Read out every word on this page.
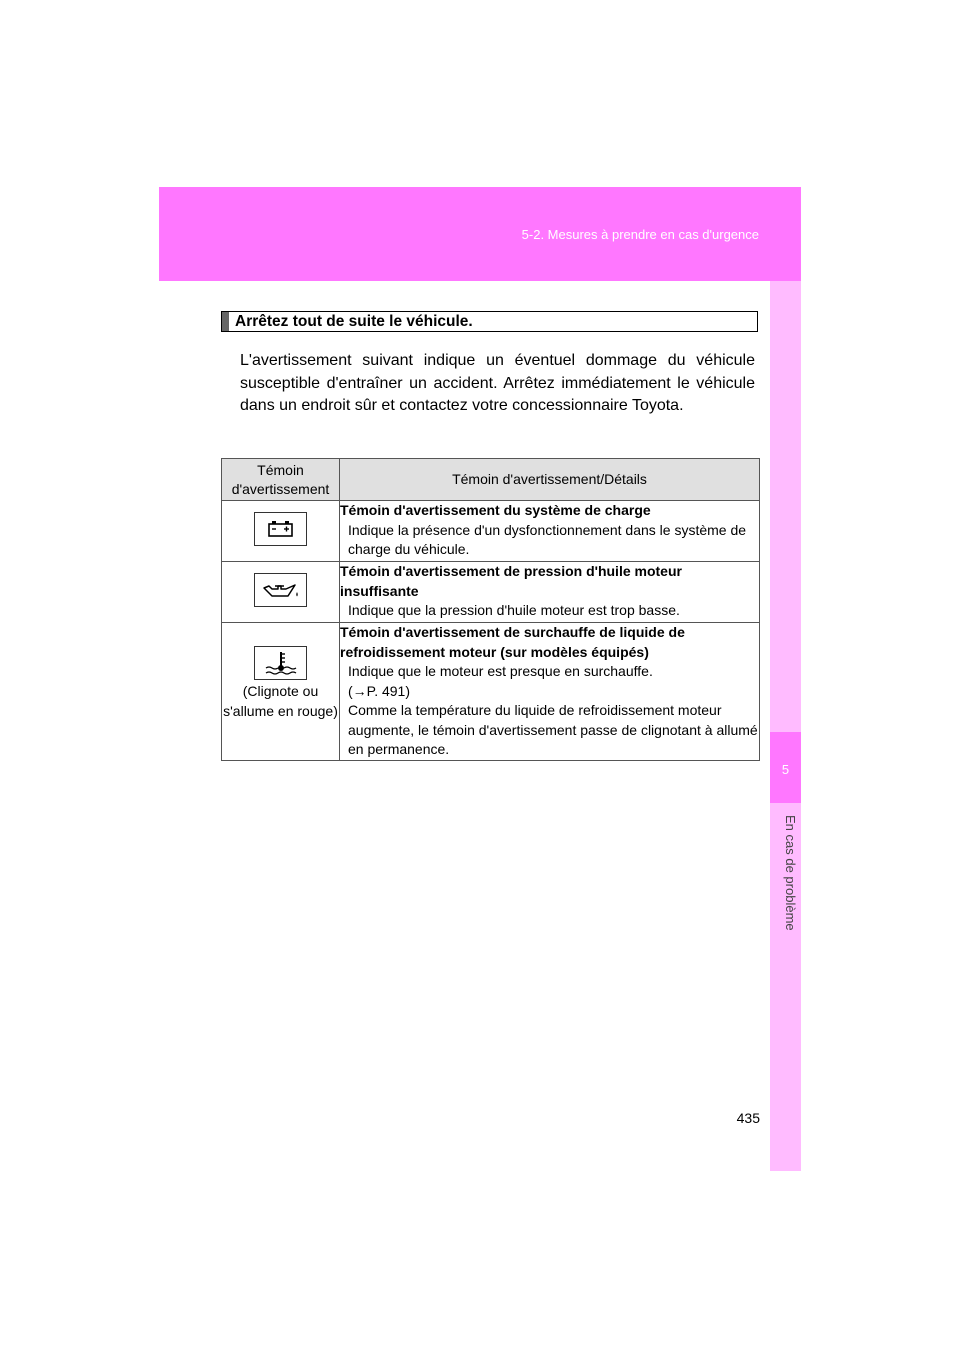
5-2. Mesures à prendre en cas d'urgence
5
En cas de problème
Arrêtez tout de suite le véhicule.
L'avertissement suivant indique un éventuel dommage du véhicule susceptible d'entraîner un accident. Arrêtez immédiatement le véhicule dans un endroit sûr et contactez votre concessionnaire Toyota.
Témoin d'avertissement	Témoin d'avertissement/Détails

Témoin d'avertissement du système de charge
Indique la présence d'un dysfonctionnement dans le système de charge du véhicule.

Témoin d'avertissement de pression d'huile moteur insuffisante
Indique que la pression d'huile moteur est trop basse.

(Clignote ou s'allume en rouge)	Témoin d'avertissement de surchauffe de liquide de refroidissement moteur (sur modèles équipés)
Indique que le moteur est presque en surchauffe.
(→P. 491)
Comme la température du liquide de refroidissement moteur augmente, le témoin d'avertissement passe de clignotant à allumé en permanence.
435
